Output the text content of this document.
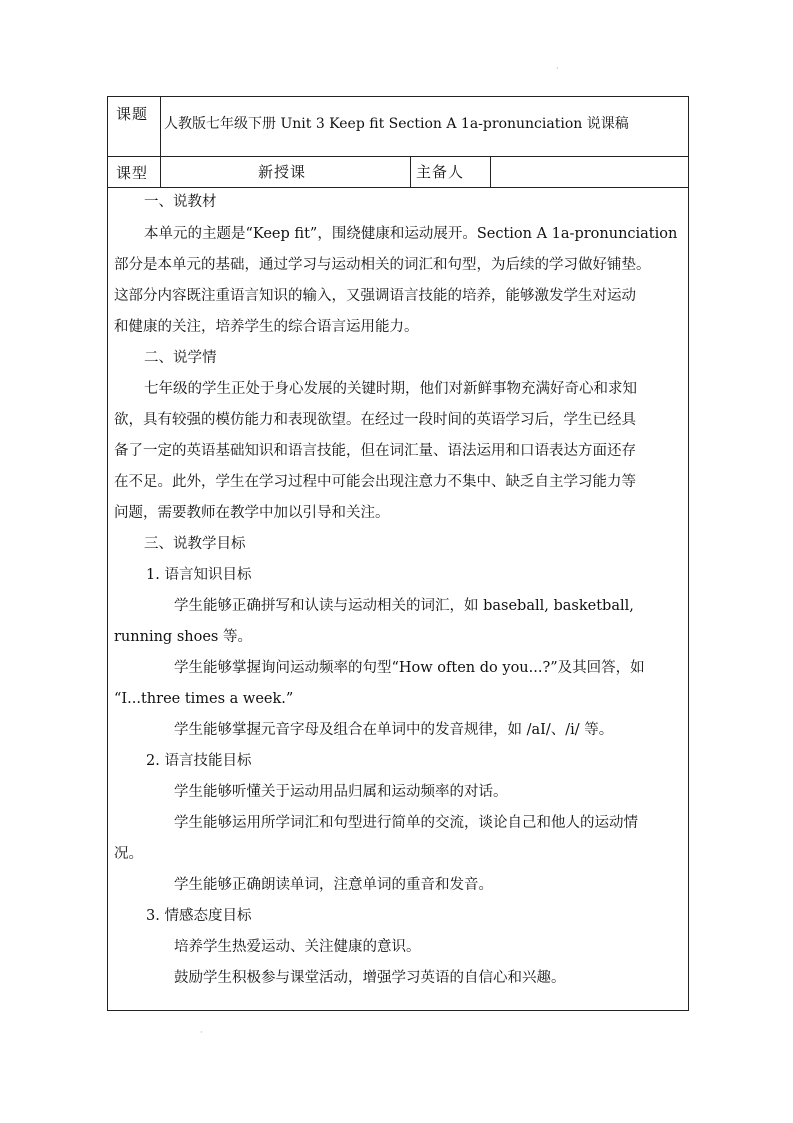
·
课题
人教版七年级下册 Unit 3 Keep fit Section A 1a-pronunciation 说课稿
课型	新授课	主备人
一、说教材
本单元的主题是“Keep fit”，围绕健康和运动展开。Section A 1a-pronunciation
部分是本单元的基础，通过学习与运动相关的词汇和句型，为后续的学习做好铺垫。
这部分内容既注重语言知识的输入，又强调语言技能的培养，能够激发学生对运动
和健康的关注，培养学生的综合语言运用能力。
二、说学情
七年级的学生正处于身心发展的关键时期，他们对新鲜事物充满好奇心和求知
欲，具有较强的模仿能力和表现欲望。在经过一段时间的英语学习后，学生已经具
备了一定的英语基础知识和语言技能，但在词汇量、语法运用和口语表达方面还存
在不足。此外，学生在学习过程中可能会出现注意力不集中、缺乏自主学习能力等
问题，需要教师在教学中加以引导和关注。
三、说教学目标
1. 语言知识目标
学生能够正确拼写和认读与运动相关的词汇，如 baseball, basketball,
running shoes 等。
学生能够掌握询问运动频率的句型“How often do you...?”及其回答，如
“I...three times a week.”
学生能够掌握元音字母及组合在单词中的发音规律，如 /aI/、/i/ 等。
2. 语言技能目标
学生能够听懂关于运动用品归属和运动频率的对话。
学生能够运用所学词汇和句型进行简单的交流，谈论自己和他人的运动情
况。
学生能够正确朗读单词，注意单词的重音和发音。
3. 情感态度目标
培养学生热爱运动、关注健康的意识。
鼓励学生积极参与课堂活动，增强学习英语的自信心和兴趣。
·
